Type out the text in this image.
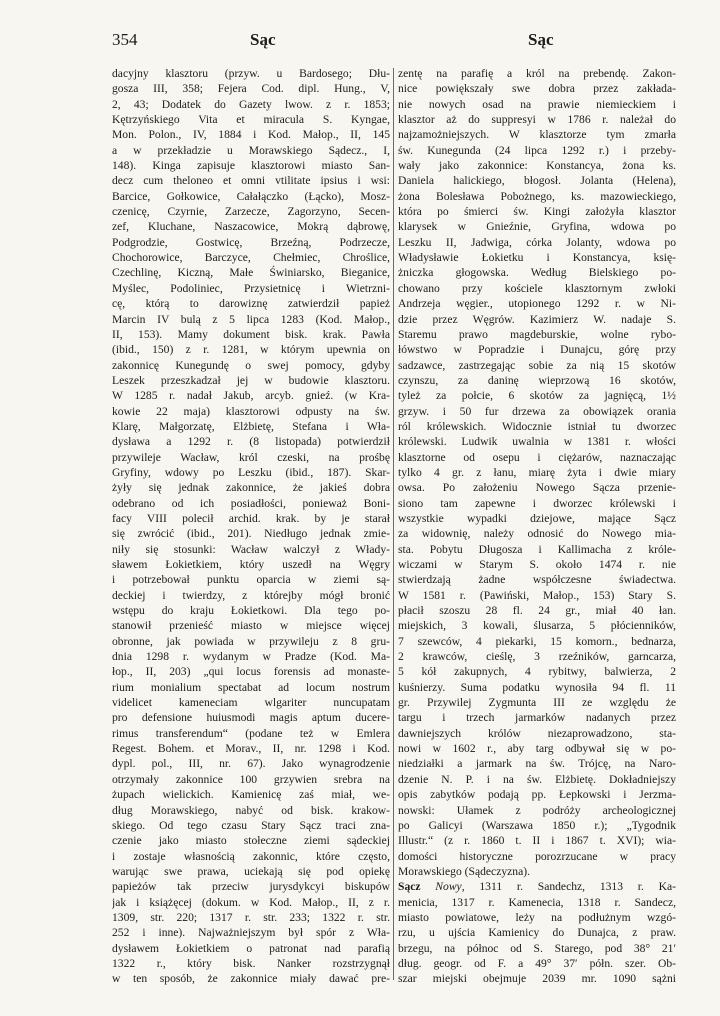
354	Sąc	Sąc
dacyjny klasztoru (przyw. u Bardosego; Dłu-
gosza III, 358; Fejera Cod. dipl. Hung., V,
2, 43; Dodatek do Gazety lwow. z r. 1853;
Kętrzyńskiego Vita et miracula S. Kyngae,
Mon. Polon., IV, 1884 i Kod. Małop., II, 145
a w przekładzie u Morawskiego Sądecz., I,
148). Kinga zapisuje klasztorowi miasto San-
decz cum theloneo et omni vtilitate ipsius i wsi:
Barcice, Gołkowice, Całałączko (Łącko), Mosz-
czenicę, Czyrnie, Zarzecze, Zagorzyno, Secen-
zef, Kluchane, Naszacowice, Mokrą dąbrowę,
Podgrodzie, Gostwicę, Brzeźną, Podrzecze,
Chochorowice, Barczyce, Chełmiec, Chroślice,
Czechlinę, Kiczną, Małe Świniarsko, Bieganice,
Myślec, Podoliniec, Przysietnicę i Wietrzni-
cę, którą to darowiznę zatwierdził papież
Marcin IV bulą z 5 lipca 1283 (Kod. Małop.,
II, 153). Mamy dokument bisk. krak. Pawła
(ibid., 150) z r. 1281, w którym upewnia on
zakonnicę Kunegundę o swej pomocy, gdyby
Leszek przeszkadzał jej w budowie klasztoru.
W 1285 r. nadał Jakub, arcyb. gnieź. (w Kra-
kowie 22 maja) klasztorowi odpusty na św.
Klarę, Małgorzatę, Elżbietę, Stefana i Wła-
dysława a 1292 r. (8 listopada) potwierdził
przywileje Wacław, król czeski, na prośbę
Gryfiny, wdowy po Leszku (ibid., 187). Skar-
żyły się jednak zakonnice, że jakieś dobra
odebrano od ich posiadłości, ponieważ Boni-
facy VIII polecił archid. krak. by je starał
się zwrócić (ibid., 201). Niedługo jednak zmie-
niły się stosunki: Wacław walczył z Włady-
sławem Łokietkiem, który uszedł na Węgry
i potrzebował punktu oparcia w ziemi są-
deckiej i twierdzy, z którejby mógł bronić
wstępu do kraju Łokietkowi. Dla tego po-
stanowił przenieść miasto w miejsce więcej
obronne, jak powiada w przywileju z 8 gru-
dnia 1298 r. wydanym w Pradze (Kod. Ma-
łop., II, 203) „qui locus forensis ad monaste-
rium monialium spectabat ad locum nostrum
videlicet kameneciam wlgariter nuncupatam
pro defensione huiusmodi magis aptum ducere-
rimus transferendum“ (podane też w Emlera
Regest. Bohem. et Morav., II, nr. 1298 i Kod.
dypl. pol., III, nr. 67). Jako wynagrodzenie
otrzymały zakonnice 100 grzywien srebra na
żupach wielickich. Kamienicę zaś miał, we-
dług Morawskiego, nabyć od bisk. krakow-
skiego. Od tego czasu Stary Sącz traci zna-
czenie jako miasto stołeczne ziemi sądeckiej
i zostaje własnością zakonnic, które często,
warując swe prawa, uciekają się pod opiekę
papieżów tak przeciw jurysdykcyi biskupów
jak i książęcej (dokum. w Kod. Małop., II, z r.
1309, str. 220; 1317 r. str. 233; 1322 r. str.
252 i inne). Najważniejszym był spór z Wła-
dysławem Łokietkiem o patronat nad parafią
1322 r., który bisk. Nanker rozstrzygnął
w ten sposób, że zakonnice miały dawać pre-
zentę na parafię a król na prebendę. Zakon-
nice powiększały swe dobra przez zakłada-
nie nowych osad na prawie niemieckiem i
klasztor aż do suppresyi w 1786 r. należał do
najzamożniejszych. W klasztorze tym zmarła
św. Kunegunda (24 lipca 1292 r.) i przeby-
wały jako zakonnice: Konstancya, żona ks.
Daniela halickiego, błogosł. Jolanta (Helena),
żona Bolesława Pobożnego, ks. mazowieckiego,
która po śmierci św. Kingi założyła klasztor
klarysek w Gnieźnie, Gryfina, wdowa po
Leszku II, Jadwiga, córka Jolanty, wdowa po
Władysławie Łokietku i Konstancya, księ-
żniczka głogowska. Według Bielskiego po-
chowano przy kościele klasztornym zwłoki
Andrzeja węgier., utopionego 1292 r. w Ni-
dzie przez Węgrów. Kazimierz W. nadaje S.
Staremu prawo magdeburskie, wolne rybo-
łówstwo w Popradzie i Dunajcu, górę przy
sadzawce, zastrzegając sobie za nią 15 skotów
czynszu, za daninę wieprzową 16 skotów,
tyleż za połcie, 6 skotów za jagnięcą, 1½
grzyw. i 50 fur drzewa za obowiązek orania
ról królewskich. Widocznie istniał tu dworzec
królewski. Ludwik uwalnia w 1381 r. włości
klasztorne od osepu i ciężarów, naznaczając
tylko 4 gr. z łanu, miarę żyta i dwie miary
owsa. Po założeniu Nowego Sącza przenie-
siono tam zapewne i dworzec królewski i
wszystkie wypadki dziejowe, mające Sącz
za widownię, należy odnosić do Nowego mia-
sta. Pobytu Długosza i Kallimacha z króle-
wiczami w Starym S. około 1474 r. nie
stwierdzają żadne współczesne świadectwa.
W 1581 r. (Pawiński, Małop., 153) Stary S.
płacił szoszu 28 fl. 24 gr., miał 40 łan.
miejskich, 3 kowali, ślusarza, 5 płócienników,
7 szewców, 4 piekarki, 15 komorn., bednarza,
2 krawców, cieślę, 3 rzeźników, garncarza,
5 kół zakupnych, 4 rybitwy, balwierza, 2
kuśnierzy. Suma podatku wynosiła 94 fl. 11
gr. Przywilej Zygmunta III ze względu że
targu i trzech jarmarków nadanych przez
dawniejszych królów niezaprowadzono, sta-
nowi w 1602 r., aby targ odbywał się w po-
niedziałki a jarmark na św. Trójcę, na Naro-
dzenie N. P. i na św. Elżbietę. Dokładniejszy
opis zabytków podają pp. Łepkowski i Jerzma-
nowski: Ułamek z podróży archeologicznej
po Galicyi (Warszawa 1850 r.); „Tygodnik
Illustr.“ (z r. 1860 t. II i 1867 t. XVI); wia-
domości historyczne porozrzucane w pracy
Morawskiego (Sądeczyzna).
Sącz Nowy, 1311 r. Sandechz, 1313 r. Ka-
menicia, 1317 r. Kamenecia, 1318 r. Sandecz,
miasto powiatowe, leży na podłużnym wzgó-
rzu, u ujścia Kamienicy do Dunajca, z praw.
brzegu, na północ od S. Starego, pod 38° 21′
dług. geogr. od F. a 49° 37′ półn. szer. Ob-
szar miejski obejmuje 2039 mr. 1090 sążni
